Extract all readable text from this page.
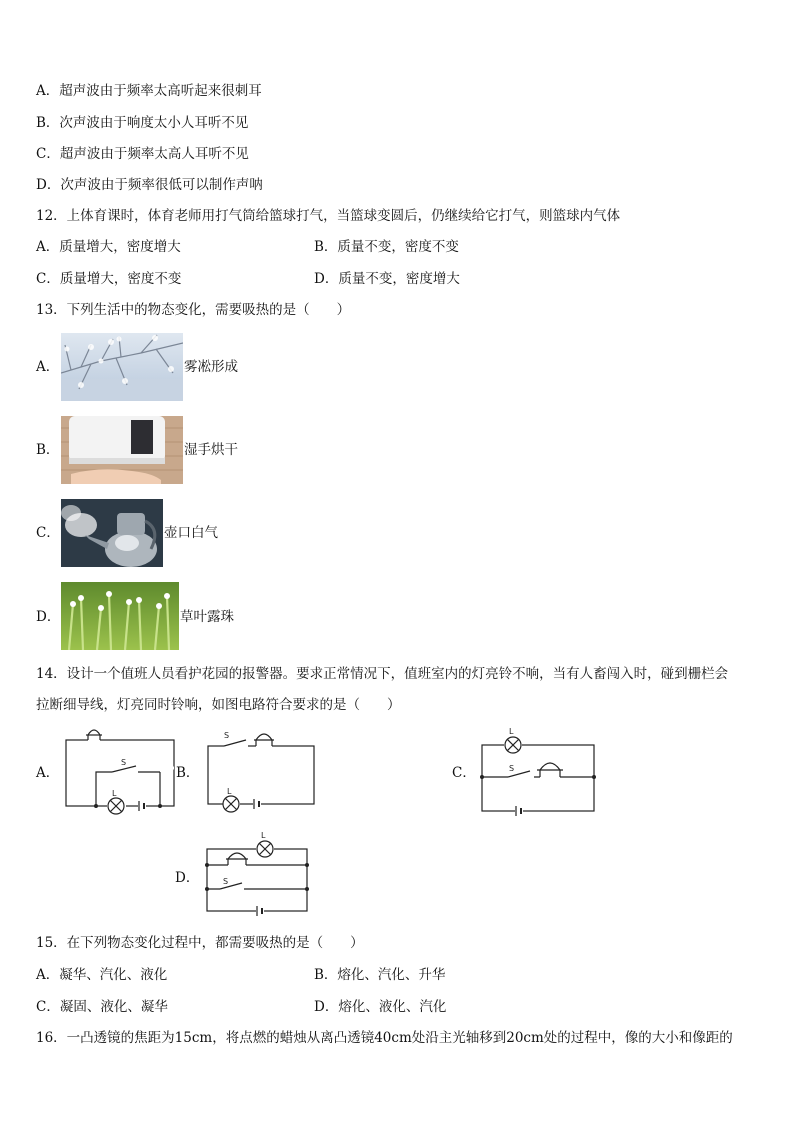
A．超声波由于频率太高听起来很刺耳
B．次声波由于响度太小人耳听不见
C．超声波由于频率太高人耳听不见
D．次声波由于频率很低可以制作声呐
12．上体育课时，体育老师用打气筒给篮球打气，当篮球变圆后，仍继续给它打气，则篮球内气体
A．质量增大，密度增大	B．质量不变，密度不变
C．质量增大，密度不变	D．质量不变，密度增大
13．下列生活中的物态变化，需要吸热的是（　　）
A．	雾凇形成
B．	湿手烘干
C．	壶口白气
D．	草叶露珠
14．设计一个值班人员看护花园的报警器。要求正常情况下，值班室内的灯亮铃不响，当有人畜闯入时，碰到栅栏会
拉断细导线，灯亮同时铃响，如图电路符合要求的是（　　）
A．	B．	C．
D．
S
L
S
L
L
S
L
S
15．在下列物态变化过程中，都需要吸热的是（　　）
A．凝华、汽化、液化	B．熔化、汽化、升华
C．凝固、液化、凝华	D．熔化、液化、汽化
16．一凸透镜的焦距为15cm，将点燃的蜡烛从离凸透镜40cm处沿主光轴移到20cm处的过程中，像的大小和像距的
